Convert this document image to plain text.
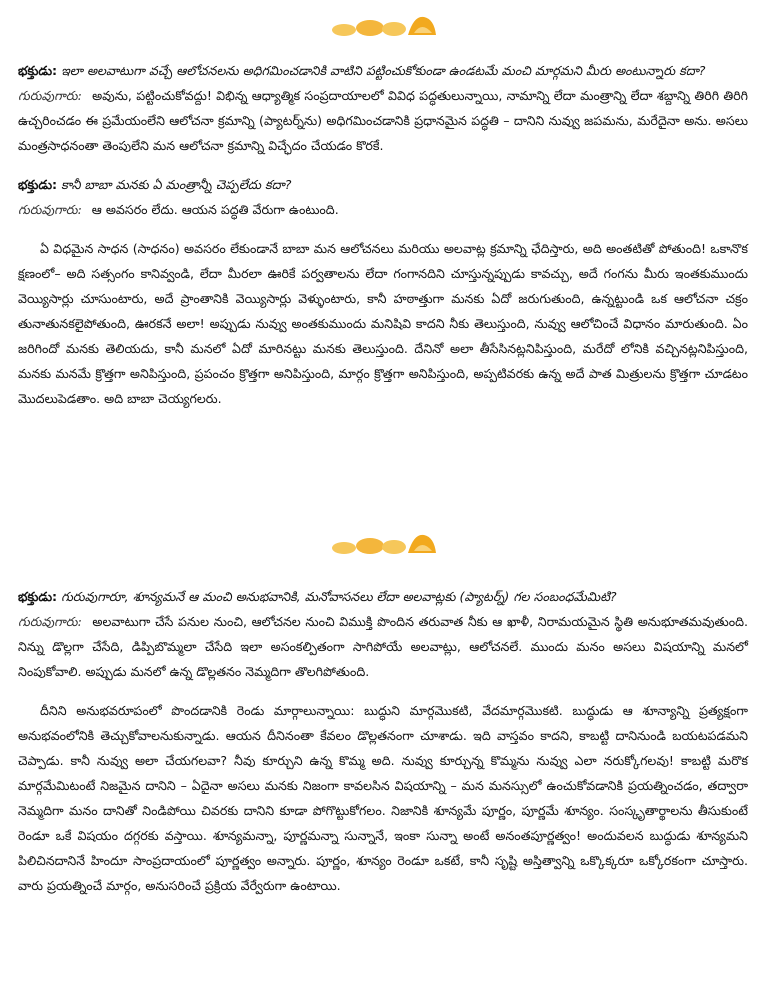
భక్తుడు: ఇలా అలవాటుగా వచ్చే ఆలోచనలను అధిగమించడానికి వాటిని పట్టించుకోకుండా ఉండటమే మంచి మార్గమని మీరు అంటున్నారు కదా?
గురువుగారు: అవును, పట్టించుకోవద్దు! విభిన్న ఆధ్యాత్మిక సంప్రదాయాలలో వివిధ పద్ధతులున్నాయి, నామాన్ని లేదా మంత్రాన్ని లేదా శబ్దాన్ని తిరిగి తిరిగి ఉచ్చరించడం ఈ ప్రమేయంలేని ఆలోచనా క్రమాన్ని (ప్యాటర్న్‌ను) అధిగమించడానికి ప్రధానమైన పద్ధతి – దానిని నువ్వు జపమను, మరేదైనా అను. అసలు మంత్రసాధనంతా తెంపులేని మన ఆలోచనా క్రమాన్ని విచ్ఛేదం చేయడం కొరకే.
భక్తుడు: కానీ బాబా మనకు ఏ మంత్రాన్నీ చెప్పలేదు కదా?
గురువుగారు: ఆ అవసరం లేదు. ఆయన పద్ధతి వేరుగా ఉంటుంది.
ఏ విధమైన సాధన (సాధనం) అవసరం లేకుండానే బాబా మన ఆలోచనలు మరియు అలవాట్ల క్రమాన్ని ఛేదిస్తారు, అది అంతటితో పోతుంది! ఒకానొక క్షణంలో– అది సత్సంగం కానివ్వండి, లేదా మీరలా ఊరికే పర్వతాలను లేదా గంగానదిని చూస్తున్నప్పుడు కావచ్చు, అదే గంగను మీరు ఇంతకుముందు వెయ్యిసార్లు చూసుంటారు, అదే ప్రాంతానికి వెయ్యిసార్లు వెళ్ళుంటారు, కానీ హఠాత్తుగా మనకు ఏదో జరుగుతుంది, ఉన్నట్టుండి ఒక ఆలోచనా చక్రం తునాతునకలైపోతుంది, ఊరకనే అలా! అప్పుడు నువ్వు అంతకుముందు మనిషివి కాదని నీకు తెలుస్తుంది, నువ్వు ఆలోచించే విధానం మారుతుంది. ఏం జరిగిందో మనకు తెలియదు, కానీ మనలో ఏదో మారినట్టు మనకు తెలుస్తుంది. దేనినో అలా తీసేసినట్లనిపిస్తుంది, మరేదో లోనికి వచ్చినట్లనిపిస్తుంది, మనకు మనమే క్రొత్తగా అనిపిస్తుంది, ప్రపంచం క్రొత్తగా అనిపిస్తుంది, మార్గం క్రొత్తగా అనిపిస్తుంది, అప్పటివరకు ఉన్న అదే పాత మిత్రులను క్రొత్తగా చూడటం మొదలుపెడతాం. అది బాబా చెయ్యగలరు.
భక్తుడు: గురువుగారూ, శూన్యమనే ఆ మంచి అనుభవానికి, మనోవాసనలు లేదా అలవాట్లకు (ప్యాటర్న్) గల సంబంధమేమిటి?
గురువుగారు: అలవాటుగా చేసే పనుల నుంచి, ఆలోచనల నుంచి విముక్తి పొందిన తరువాత నీకు ఆ ఖాళీ, నిరామయమైన స్థితి అనుభూతమవుతుంది. నిన్ను డొల్లగా చేసేది, డిప్పిబొమ్మలా చేసేది ఇలా అసంకల్పితంగా సాగిపోయే అలవాట్లు, ఆలోచనలే. ముందు మనం అసలు విషయాన్ని మనలో నింపుకోవాలి. అప్పుడు మనలో ఉన్న డొల్లతనం నెమ్మదిగా తొలగిపోతుంది.
దీనిని అనుభవరూపంలో పొందడానికి రెండు మార్గాలున్నాయి: బుద్ధుని మార్గమొకటి, వేదమార్గమొకటి. బుద్ధుడు ఆ శూన్యాన్ని ప్రత్యక్షంగా అనుభవంలోనికి తెచ్చుకోవాలనుకున్నాడు. ఆయన దీనినంతా కేవలం డొల్లతనంగా చూశాడు. ఇది వాస్తవం కాదని, కాబట్టి దానినుండి బయటపడమని చెప్పాడు. కానీ నువ్వు అలా చేయగలవా? నీవు కూర్చుని ఉన్న కొమ్మ అది. నువ్వు కూర్చున్న కొమ్మను నువ్వు ఎలా నరుక్కోగలవు! కాబట్టి మరొక మార్గమేమిటంటే నిజమైన దానిని – ఏదైనా అసలు మనకు నిజంగా కావలసిన విషయాన్ని – మన మనస్సులో ఉంచుకోవడానికి ప్రయత్నించడం, తద్వారా నెమ్మదిగా మనం దానితో నిండిపోయి చివరకు దానిని కూడా పోగొట్టుకోగలం. నిజానికి శూన్యమే పూర్ణం, పూర్ణమే శూన్యం. సంస్కృతార్థాలను తీసుకుంటే రెండూ ఒకే విషయం దగ్గరకు వస్తాయి. శూన్యమన్నా, పూర్ణమన్నా సున్నానే, ఇంకా సున్నా అంటే అనంతపూర్ణత్వం! అందువలన బుద్ధుడు శూన్యమని పిలిచినదానినే హిందూ సాంప్రదాయంలో పూర్ణత్వం అన్నారు. పూర్ణం, శూన్యం రెండూ ఒకటే, కానీ సృష్టి అస్తిత్వాన్ని ఒక్కొక్కరూ ఒక్కోరకంగా చూస్తారు. వారు ప్రయత్నించే మార్గం, అనుసరించే ప్రక్రియ వేర్వేరుగా ఉంటాయి.
